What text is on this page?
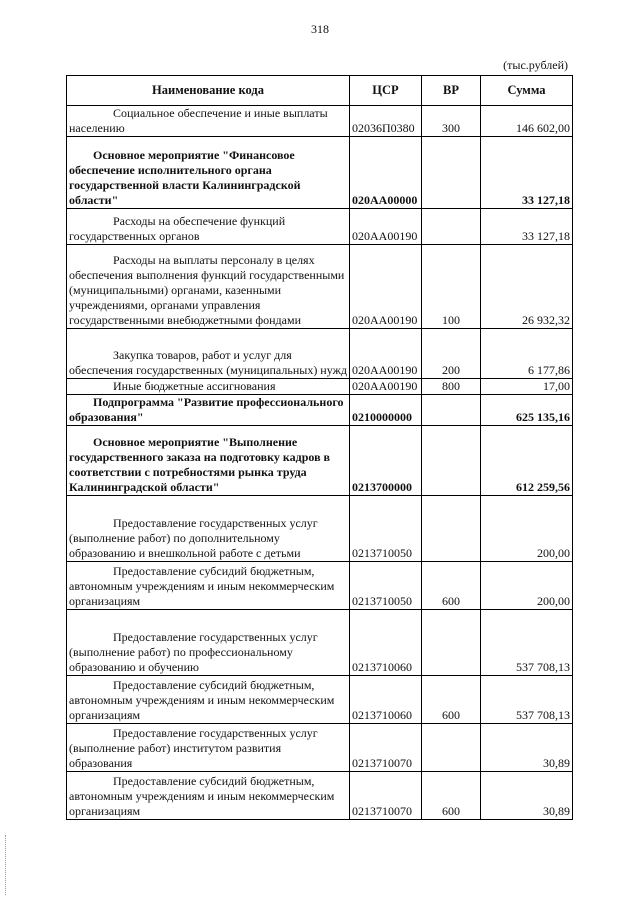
318
(тыс.рублей)
Наименование кода	ЦСР	ВР	Сумма
Социальное обеспечение и иные выплаты населению	02036П0380	300	146 602,00
Основное мероприятие "Финансовое обеспечение исполнительного органа государственной власти Калининградской области"	020АА00000		33 127,18
Расходы на обеспечение функций государственных органов	020АА00190		33 127,18
Расходы на выплаты персоналу в целях обеспечения выполнения функций государственными (муниципальными) органами, казенными учреждениями, органами управления государственными внебюджетными фондами	020АА00190	100	26 932,32
Закупка товаров, работ и услуг для обеспечения государственных (муниципальных) нужд	020АА00190	200	6 177,86
Иные бюджетные ассигнования	020АА00190	800	17,00
Подпрограмма "Развитие профессионального образования"	0210000000		625 135,16
Основное мероприятие "Выполнение государственного заказа на подготовку кадров в соответствии с потребностями рынка труда Калининградской области"	0213700000		612 259,56
Предоставление государственных услуг (выполнение работ) по дополнительному образованию и внешкольной работе с детьми	0213710050		200,00
Предоставление субсидий бюджетным, автономным учреждениям и иным некоммерческим организациям	0213710050	600	200,00
Предоставление государственных услуг (выполнение работ) по профессиональному образованию и обучению	0213710060		537 708,13
Предоставление субсидий бюджетным, автономным учреждениям и иным некоммерческим организациям	0213710060	600	537 708,13
Предоставление государственных услуг (выполнение работ) институтом развития образования	0213710070		30,89
Предоставление субсидий бюджетным, автономным учреждениям и иным некоммерческим организациям	0213710070	600	30,89
